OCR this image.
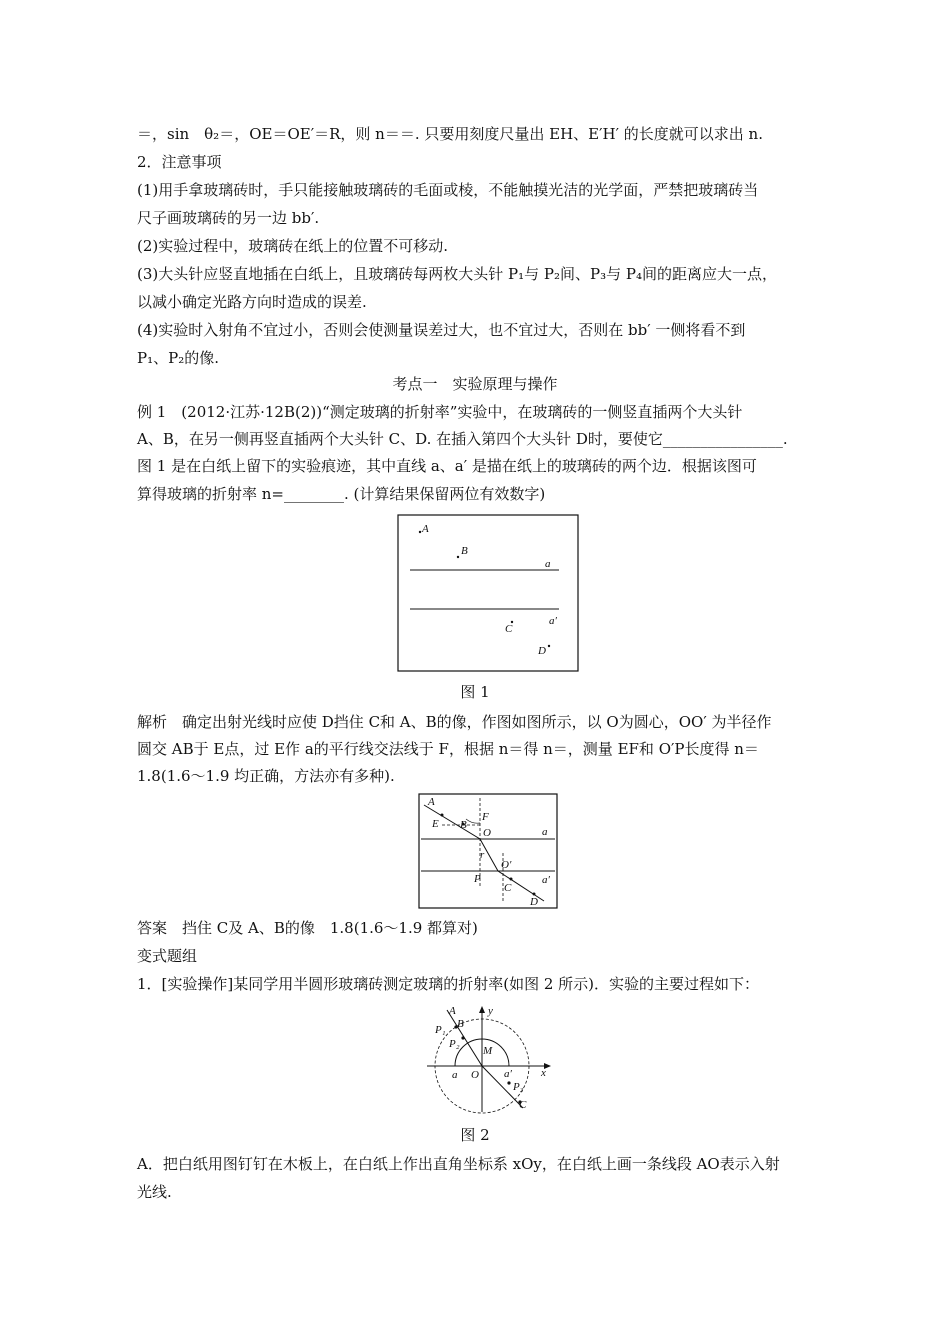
＝，sin　θ₂＝，OE＝OE′＝R，则 n＝＝. 只要用刻度尺量出 EH、E′H′ 的长度就可以求出 n.
2．注意事项
(1)用手拿玻璃砖时，手只能接触玻璃砖的毛面或棱，不能触摸光洁的光学面，严禁把玻璃砖当
尺子画玻璃砖的另一边 bb′.
(2)实验过程中，玻璃砖在纸上的位置不可移动.
(3)大头针应竖直地插在白纸上，且玻璃砖每两枚大头针 P₁与 P₂间、P₃与 P₄间的距离应大一点，
以减小确定光路方向时造成的误差.
(4)实验时入射角不宜过小，否则会使测量误差过大，也不宜过大，否则在 bb′ 一侧将看不到
P₁、P₂的像.
考点一　实验原理与操作
例 1　(2012·江苏·12B(2))“测定玻璃的折射率”实验中，在玻璃砖的一侧竖直插两个大头针
A、B，在另一侧再竖直插两个大头针 C、D. 在插入第四个大头针 D时，要使它________________.
图 1 是在白纸上留下的实验痕迹，其中直线 a、a′ 是描在纸上的玻璃砖的两个边．根据该图可
算得玻璃的折射率 n=________. (计算结果保留两位有效数字)
A
B
a
C
a′
D
图 1
解析　确定出射光线时应使 D挡住 C和 A、B的像，作图如图所示，以 O为圆心，OO′ 为半径作
圆交 AB于 E点，过 E作 a的平行线交法线于 F，根据 n＝得 n＝，测量 EF和 O′P长度得 n＝
1.8(1.6～1.9 均正确，方法亦有多种).
A
E B
F
O
r
O′
P
C
D
a
a′
答案　挡住 C及 A、B的像　1.8(1.6～1.9 都算对)
变式题组
1．[实验操作]某同学用半圆形玻璃砖测定玻璃的折射率(如图 2 所示)．实验的主要过程如下：
A
P₁ B
P₂
M
y
a O a′
P₃
C
x
图 2
A．把白纸用图钉钉在木板上，在白纸上作出直角坐标系 xOy，在白纸上画一条线段 AO表示入射
光线.
